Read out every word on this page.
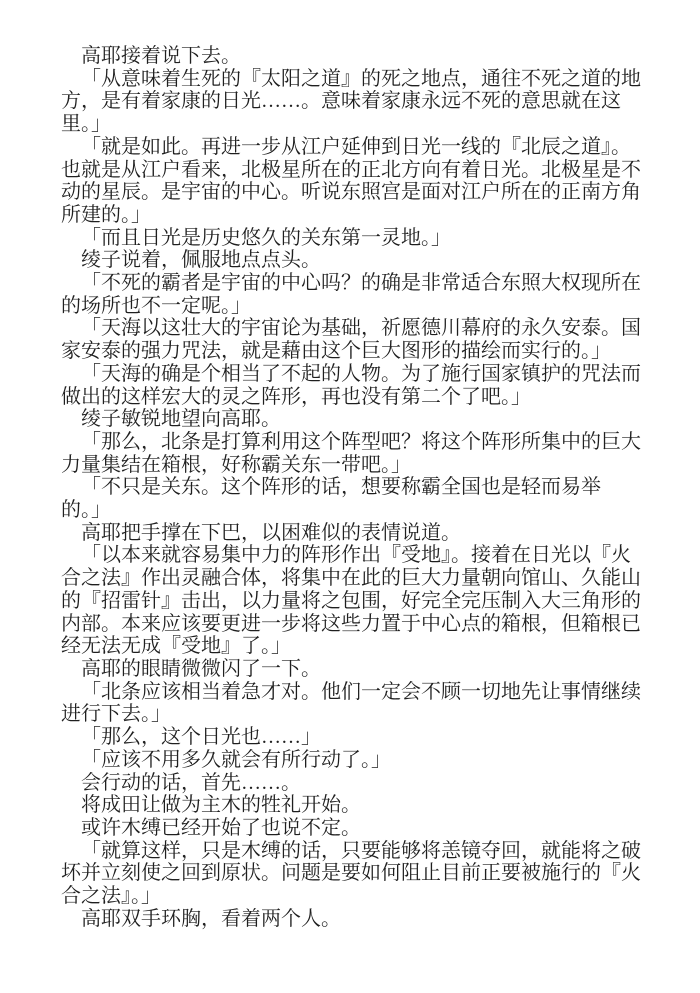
高耶接着说下去。

「从意味着生死的『太阳之道』的死之地点，通往不死之道的地
方，是有着家康的日光……。意味着家康永远不死的意思就在这
里。」

「就是如此。再进一步从江户延伸到日光一线的『北辰之道』。
也就是从江户看来，北极星所在的正北方向有着日光。北极星是不
动的星辰。是宇宙的中心。听说东照宫是面对江户所在的正南方角
所建的。」

「而且日光是历史悠久的关东第一灵地。」

绫子说着，佩服地点点头。

「不死的霸者是宇宙的中心吗？的确是非常适合东照大权现所在
的场所也不一定呢。」

「天海以这壮大的宇宙论为基础，祈愿德川幕府的永久安泰。国
家安泰的强力咒法，就是藉由这个巨大图形的描绘而实行的。」

「天海的确是个相当了不起的人物。为了施行国家镇护的咒法而
做出的这样宏大的灵之阵形，再也没有第二个了吧。」

绫子敏锐地望向高耶。

「那么，北条是打算利用这个阵型吧？将这个阵形所集中的巨大
力量集结在箱根，好称霸关东一带吧。」

「不只是关东。这个阵形的话，想要称霸全国也是轻而易举
的。」

高耶把手撑在下巴，以困难似的表情说道。

「以本来就容易集中力的阵形作出『受地』。接着在日光以『火
合之法』作出灵融合体，将集中在此的巨大力量朝向馆山、久能山
的『招雷针』击出，以力量将之包围，好完全完压制入大三角形的
内部。本来应该要更进一步将这些力置于中心点的箱根，但箱根已
经无法无成『受地』了。」

高耶的眼睛微微闪了一下。

「北条应该相当着急才对。他们一定会不顾一切地先让事情继续
进行下去。」

「那么，这个日光也……」

「应该不用多久就会有所行动了。」

会行动的话，首先……。

将成田让做为主木的牲礼开始。

或许木缚已经开始了也说不定。

「就算这样，只是木缚的话，只要能够将恙镜夺回，就能将之破
坏并立刻使之回到原状。问题是要如何阻止目前正要被施行的『火
合之法』。」

高耶双手环胸，看着两个人。
